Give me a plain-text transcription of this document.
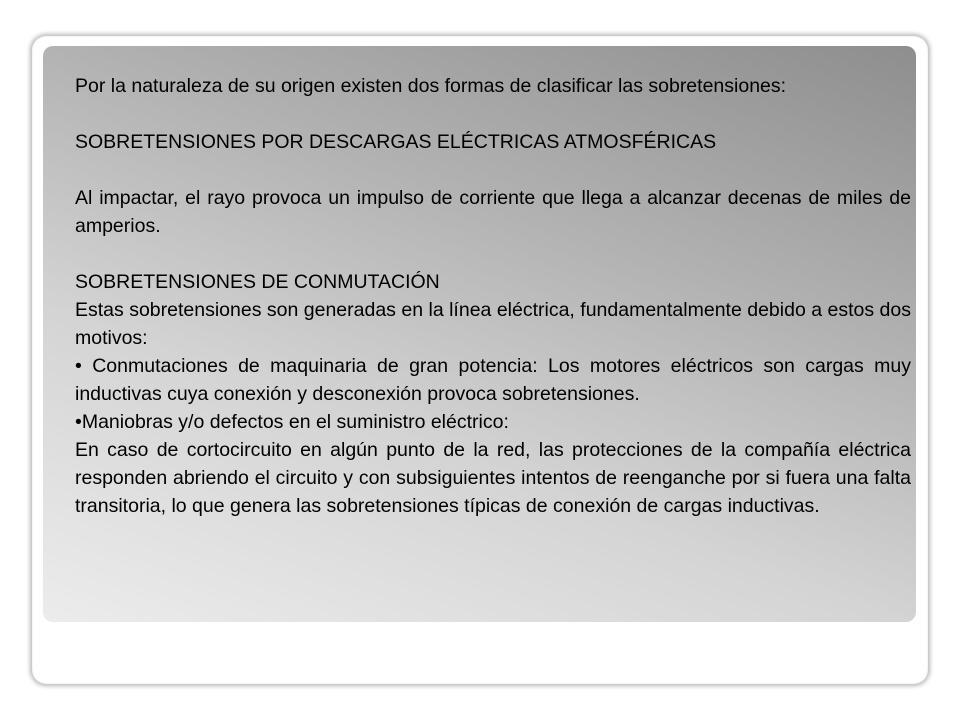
Por la naturaleza de su origen existen dos formas de clasificar las sobretensiones:

SOBRETENSIONES POR DESCARGAS ELÉCTRICAS ATMOSFÉRICAS

Al impactar, el rayo provoca un impulso de corriente que llega a alcanzar decenas de miles de amperios.

SOBRETENSIONES DE CONMUTACIÓN

Estas sobretensiones son generadas en la línea eléctrica, fundamentalmente debido a estos dos motivos:

• Conmutaciones de maquinaria de gran potencia: Los motores eléctricos son cargas muy inductivas cuya conexión y desconexión provoca sobretensiones.

•Maniobras y/o defectos en el suministro eléctrico:

En caso de cortocircuito en algún punto de la red, las protecciones de la compañía eléctrica responden abriendo el circuito y con subsiguientes intentos de reenganche por si fuera una falta transitoria, lo que genera las sobretensiones típicas de conexión de cargas inductivas.
